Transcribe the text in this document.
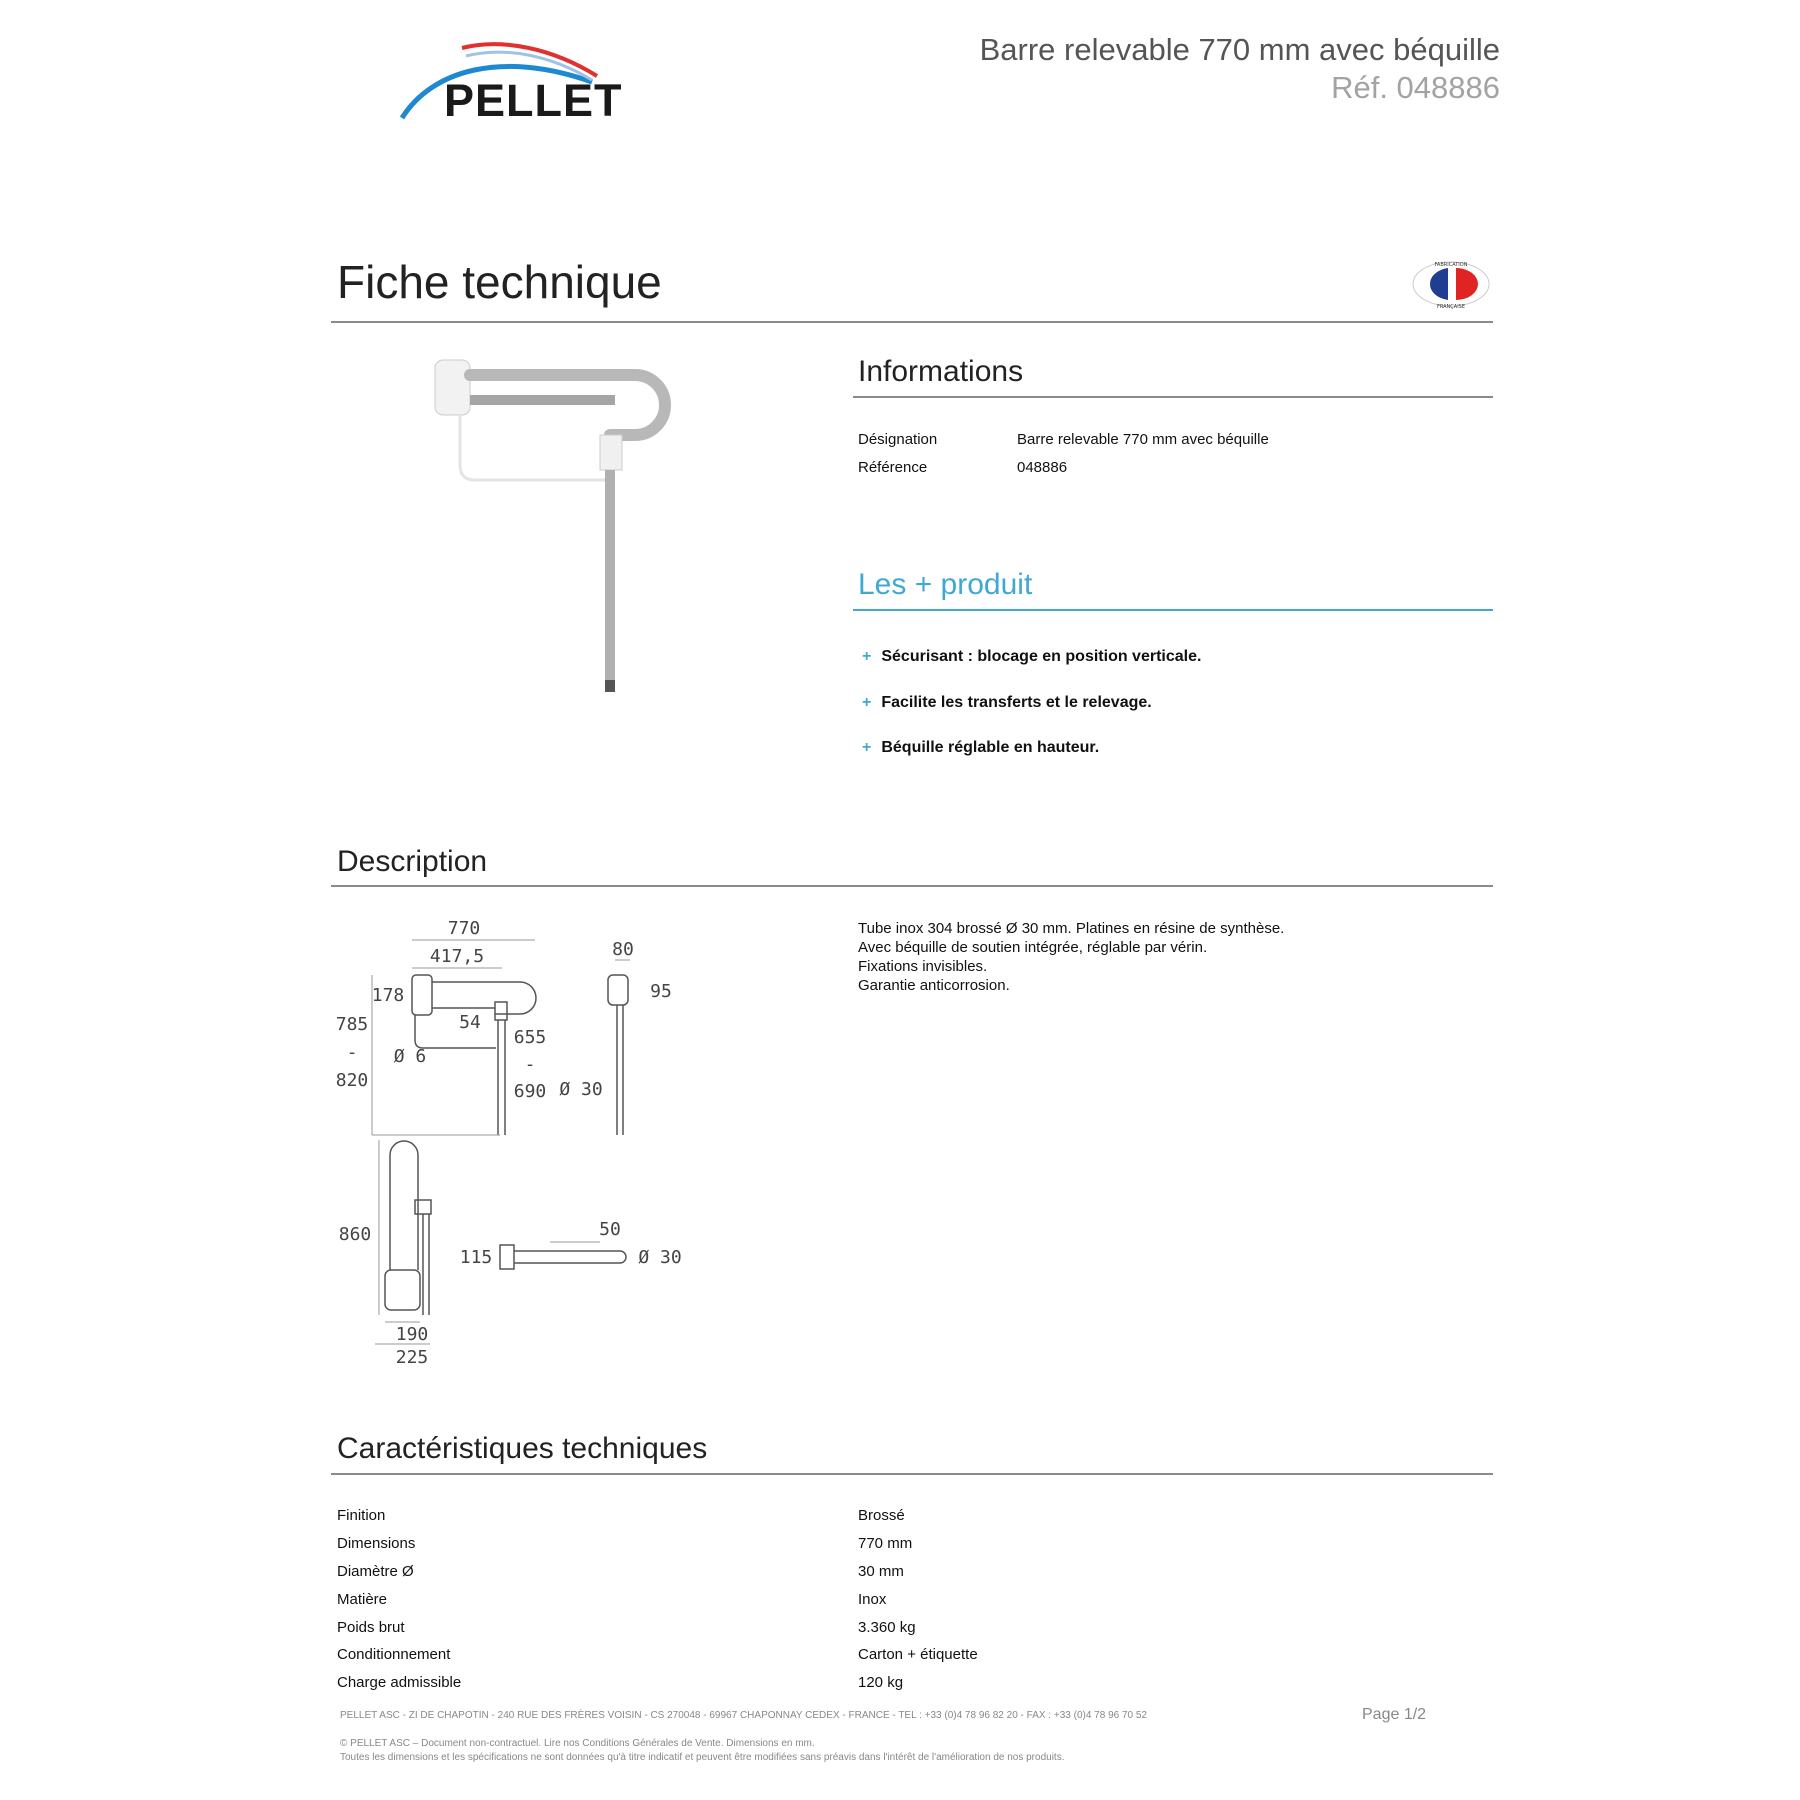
PELLET
Barre relevable 770 mm avec béquille
Réf. 048886
Fiche technique	FABRICATION
FRANÇAISE
Informations
Désignation	Barre relevable 770 mm avec béquille
Référence	048886
Les + produit
+ Sécurisant : blocage en position verticale.
+ Facilite les transferts et le relevage.
+ Béquille réglable en hauteur.
Description
Tube inox 304 brossé Ø 30 mm. Platines en résine de synthèse.
Avec béquille de soutien intégrée, réglable par vérin.
Fixations invisibles.
Garantie anticorrosion.
770
417,5
178
54
785
-
820
Ø 6
655
-
690
80
95
Ø 30
860
190
225
115
50
Ø 30
Caractéristiques techniques
Finition	Brossé
Dimensions	770 mm
Diamètre Ø	30 mm
Matière	Inox
Poids brut	3.360 kg
Conditionnement	Carton + étiquette
Charge admissible	120 kg
PELLET ASC - ZI DE CHAPOTIN - 240 RUE DES FRÈRES VOISIN - CS 270048 - 69967 CHAPONNAY CEDEX - FRANCE - TEL : +33 (0)4 78 96 82 20 - FAX : +33 (0)4 78 96 70 52	Page 1/2
© PELLET ASC – Document non-contractuel. Lire nos Conditions Générales de Vente. Dimensions en mm.
Toutes les dimensions et les spécifications ne sont données qu'à titre indicatif et peuvent être modifiées sans préavis dans l'intérêt de l'amélioration de nos produits.
